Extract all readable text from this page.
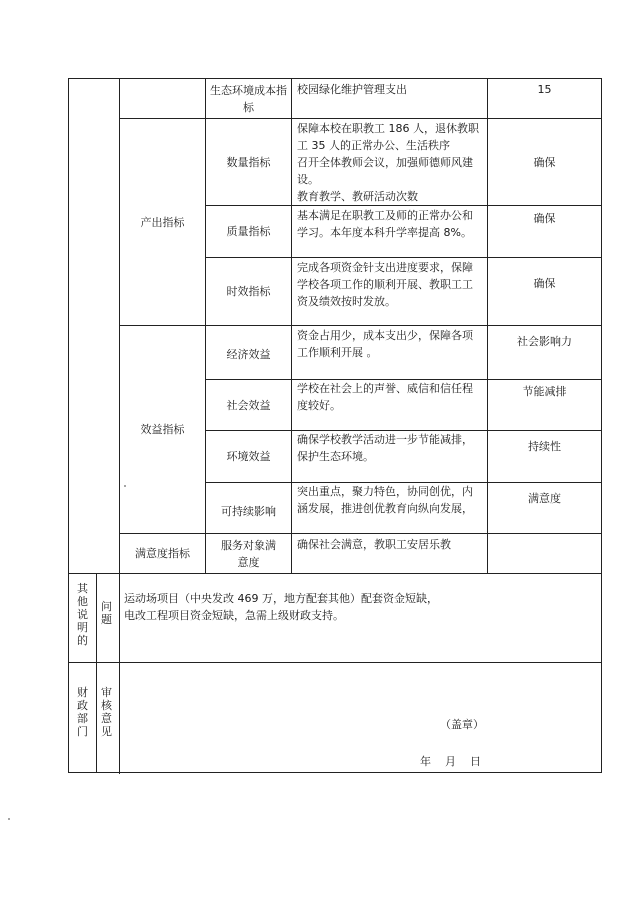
生态环境成本指标
校园绿化维护管理支出	15
产出指标
数量指标
保障本校在职教工 186 人，退休教职
工 35 人的正常办公、生活秩序
召开全体教师会议，加强师德师风建
设。
教育教学、教研活动次数
确保
质量指标
基本满足在职教工及师的正常办公和
学习。本年度本科升学率提高 8%。
确保
时效指标
完成各项资金针支出进度要求，保障
学校各项工作的顺利开展、教职工工
资及绩效按时发放。
确保
效益指标
经济效益
资金占用少，成本支出少，保障各项
工作顺利开展 。
社会影响力
社会效益
学校在社会上的声誉、威信和信任程
度较好。
节能减排
环境效益
确保学校教学活动进一步节能减排，
保护生态环境。
持续性
可持续影响
突出重点，聚力特色，协同创优，内
涵发展，推进创优教育向纵向发展，
满意度
满意度指标
服务对象满意度
确保社会满意，教职工安居乐教
其他说明的
问题
运动场项目（中央发改 469 万，地方配套其他）配套资金短缺，
电改工程项目资金短缺，急需上级财政支持。
财政部门
审核意见
（盖章）
年    月    日
